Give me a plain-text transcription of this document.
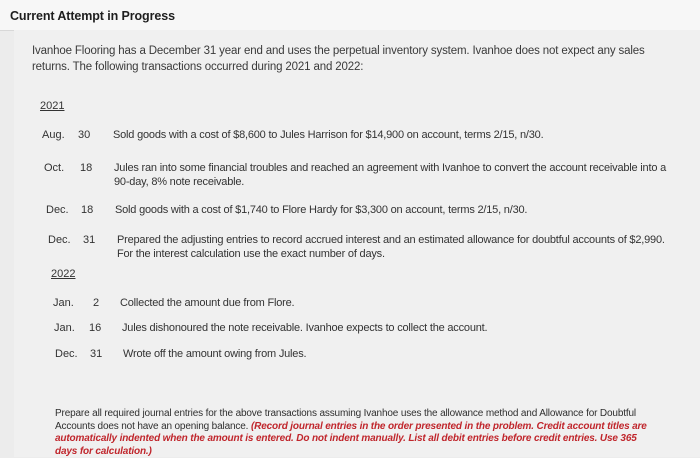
Current Attempt in Progress
Ivanhoe Flooring has a December 31 year end and uses the perpetual inventory system. Ivanhoe does not expect any sales returns. The following transactions occurred during 2021 and 2022:
2021
Aug. 30 Sold goods with a cost of $8,600 to Jules Harrison for $14,900 on account, terms 2/15, n/30.
Oct. 18 Jules ran into some financial troubles and reached an agreement with Ivanhoe to convert the account receivable into a 90-day, 8% note receivable.
Dec. 18 Sold goods with a cost of $1,740 to Flore Hardy for $3,300 on account, terms 2/15, n/30.
Dec. 31 Prepared the adjusting entries to record accrued interest and an estimated allowance for doubtful accounts of $2,990. For the interest calculation use the exact number of days.
2022
Jan. 2 Collected the amount due from Flore.
Jan. 16 Jules dishonoured the note receivable. Ivanhoe expects to collect the account.
Dec. 31 Wrote off the amount owing from Jules.
Prepare all required journal entries for the above transactions assuming Ivanhoe uses the allowance method and Allowance for Doubtful Accounts does not have an opening balance. (Record journal entries in the order presented in the problem. Credit account titles are automatically indented when the amount is entered. Do not indent manually. List all debit entries before credit entries. Use 365 days for calculation.)
